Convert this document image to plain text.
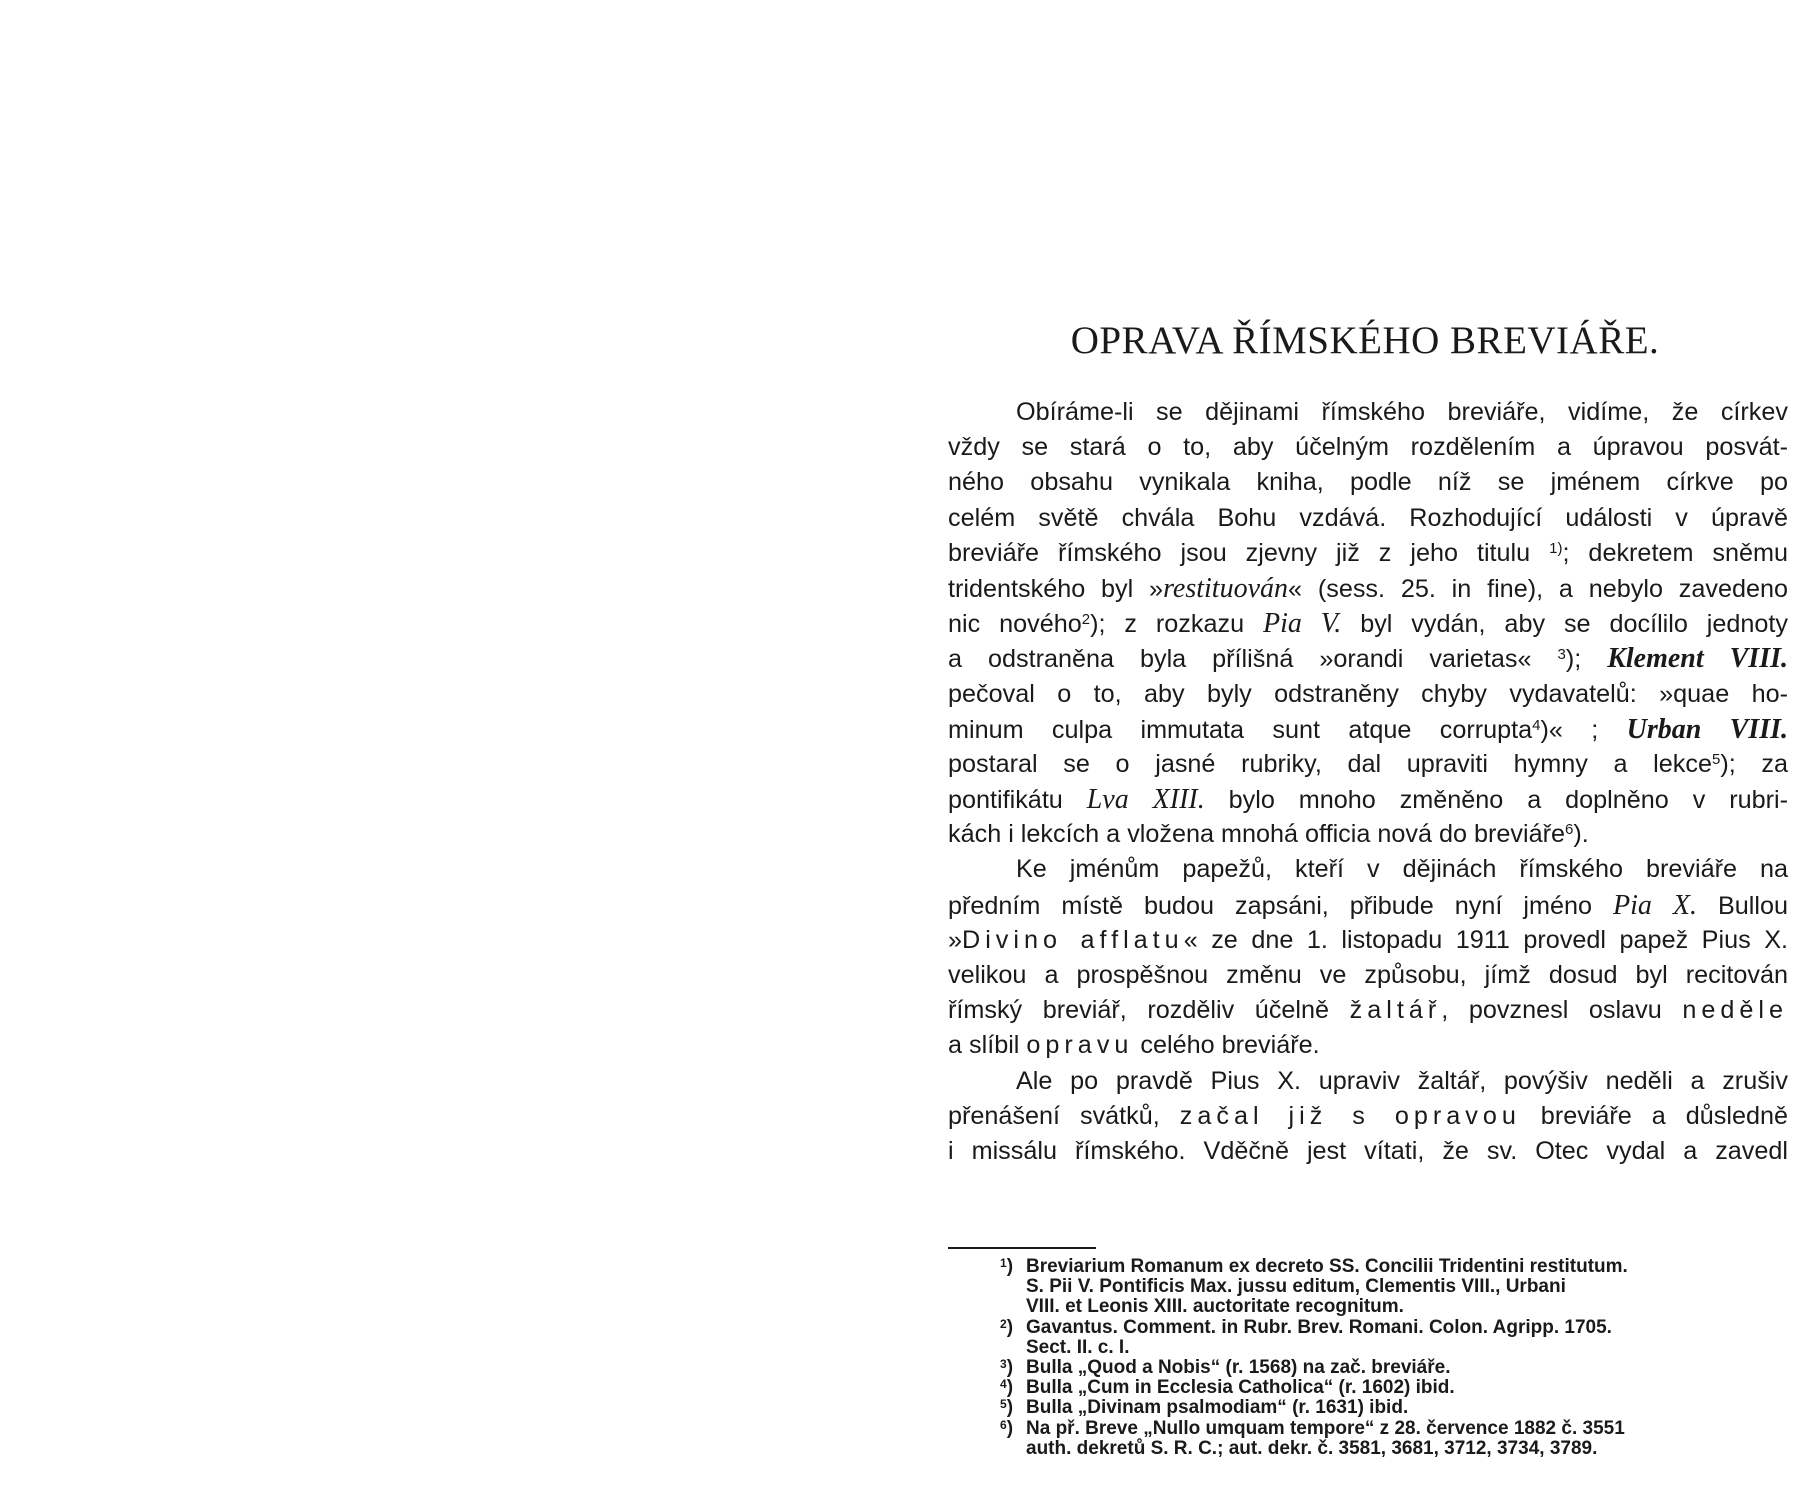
OPRAVA ŘÍMSKÉHO BREVIÁŘE.
Obíráme-li se dějinami římského breviáře, vidíme, že církev
vždy se stará o to, aby účelným rozdělením a úpravou posvát-
ného obsahu vynikala kniha, podle níž se jménem církve po
celém světě chvála Bohu vzdává. Rozhodující události v úpravě
breviáře římského jsou zjevny již z jeho titulu $^{1)}$; dekretem sněmu
tridentského byl »restituován« (sess. 25. in fine), a nebylo zavedeno
nic nového$^2$); z rozkazu Pia V. byl vydán, aby se docílilo jednoty
a odstraněna byla přílišná »orandi varietas« $^3$); Klement VIII.
pečoval o to, aby byly odstraněny chyby vydavatelů: »quae ho-
minum culpa immutata sunt atque corrupta$^4$)« ; Urban VIII.
postaral se o jasné rubriky, dal upraviti hymny a lekce$^5$); za
pontifikátu Lva XIII. bylo mnoho změněno a doplněno v rubri-
kách i lekcích a vložena mnohá officia nová do breviáře$^6$).
Ke jménům papežů, kteří v dějinách římského breviáře na
předním místě budou zapsáni, přibude nyní jméno Pia X. Bullou
»Divino afflatu« ze dne 1. listopadu 1911 provedl papež Pius X.
velikou a prospěšnou změnu ve způsobu, jímž dosud byl recitován
římský breviář, rozděliv účelně žaltář, povznesl oslavu neděle
a slíbil opravu celého breviáře.
Ale po pravdě Pius X. upraviv žaltář, povýšiv neděli a zrušiv
přenášení svátků, začal již s opravou breviáře a důsledně
i missálu římského. Vděčně jest vítati, že sv. Otec vydal a zavedl
$^1$) Breviarium Romanum ex decreto SS. Concilii Tridentini restitutum.
S. Pii V. Pontificis Max. jussu editum, Clementis VIII., Urbani
VIII. et Leonis XIII. auctoritate recognitum.
$^2$) Gavantus. Comment. in Rubr. Brev. Romani. Colon. Agripp. 1705.
Sect. II. c. I.
$^3$) Bulla „Quod a Nobis“ (r. 1568) na zač. breviáře.
$^4$) Bulla „Cum in Ecclesia Catholica“ (r. 1602) ibid.
$^5$) Bulla „Divinam psalmodiam“ (r. 1631) ibid.
$^6$) Na př. Breve „Nullo umquam tempore“ z 28. července 1882 č. 3551
auth. dekretů S. R. C.; aut. dekr. č. 3581, 3681, 3712, 3734, 3789.
